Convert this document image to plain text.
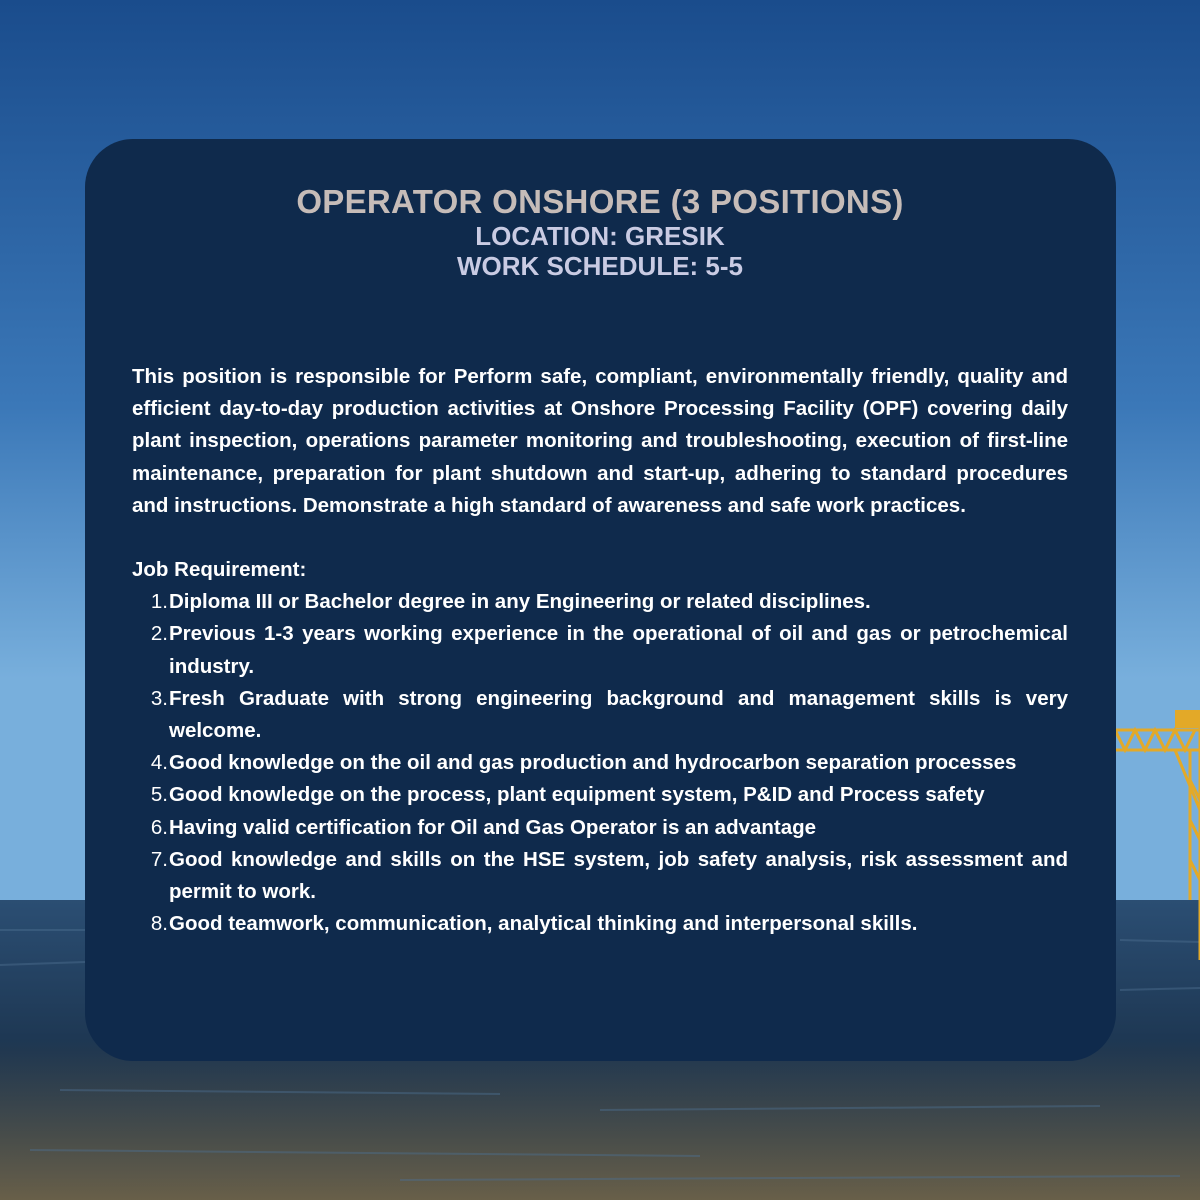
OPERATOR ONSHORE (3 POSITIONS)

LOCATION: GRESIK

WORK SCHEDULE: 5-5

This position is responsible for Perform safe, compliant, environmentally friendly, quality and efficient day-to-day production activities at Onshore Processing Facility (OPF) covering daily plant inspection, operations parameter monitoring and troubleshooting, execution of first-line maintenance, preparation for plant shutdown and start-up, adhering to standard procedures and instructions. Demonstrate a high standard of awareness and safe work practices.

Job Requirement:

1. Diploma III or Bachelor degree in any Engineering or related disciplines.
2. Previous 1-3 years working experience in the operational of oil and gas or petrochemical industry.
3. Fresh Graduate with strong engineering background and management skills is very welcome.
4. Good knowledge on the oil and gas production and hydrocarbon separation processes
5. Good knowledge on the process, plant equipment system, P&ID and Process safety
6. Having valid certification for Oil and Gas Operator is an advantage
7. Good knowledge and skills on the HSE system, job safety analysis, risk assessment and permit to work.
8. Good teamwork, communication, analytical thinking and interpersonal skills.
